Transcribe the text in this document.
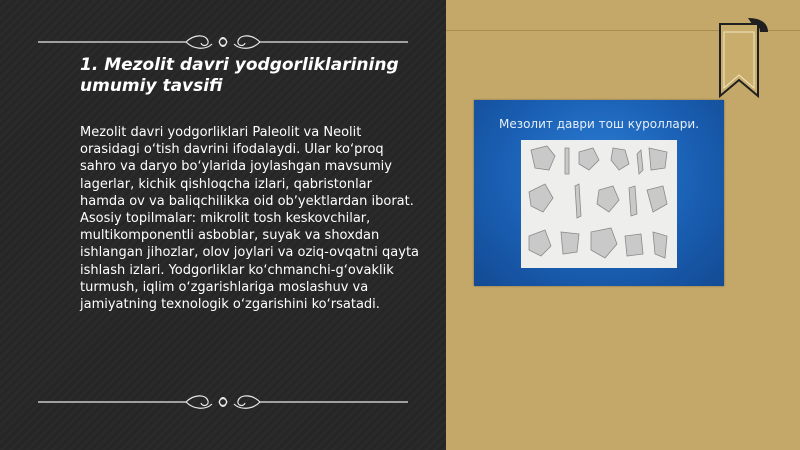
1. Mezolit davri yodgorliklarining umumiy tavsifi

Mezolit davri yodgorliklari Paleolit va Neolit orasidagi oʻtish davrini ifodalaydi. Ular koʻproq sahro va daryo boʻylarida joylashgan mavsumiy lagerlar, kichik qishloqcha izlari, qabristonlar hamda ov va baliqchilikka oid obʼyektlardan iborat. Asosiy topilmalar: mikrolit tosh keskovchilar, multikomponentli asboblar, suyak va shoxdan ishlangan jihozlar, olov joylari va oziq-ovqatni qayta ishlash izlari. Yodgorliklar koʻchmanchi-gʻovaklik turmush, iqlim oʻzgarishlariga moslashuv va jamiyatning texnologik oʻzgarishini koʻrsatadi.

Мезолит даври тош куроллари.
